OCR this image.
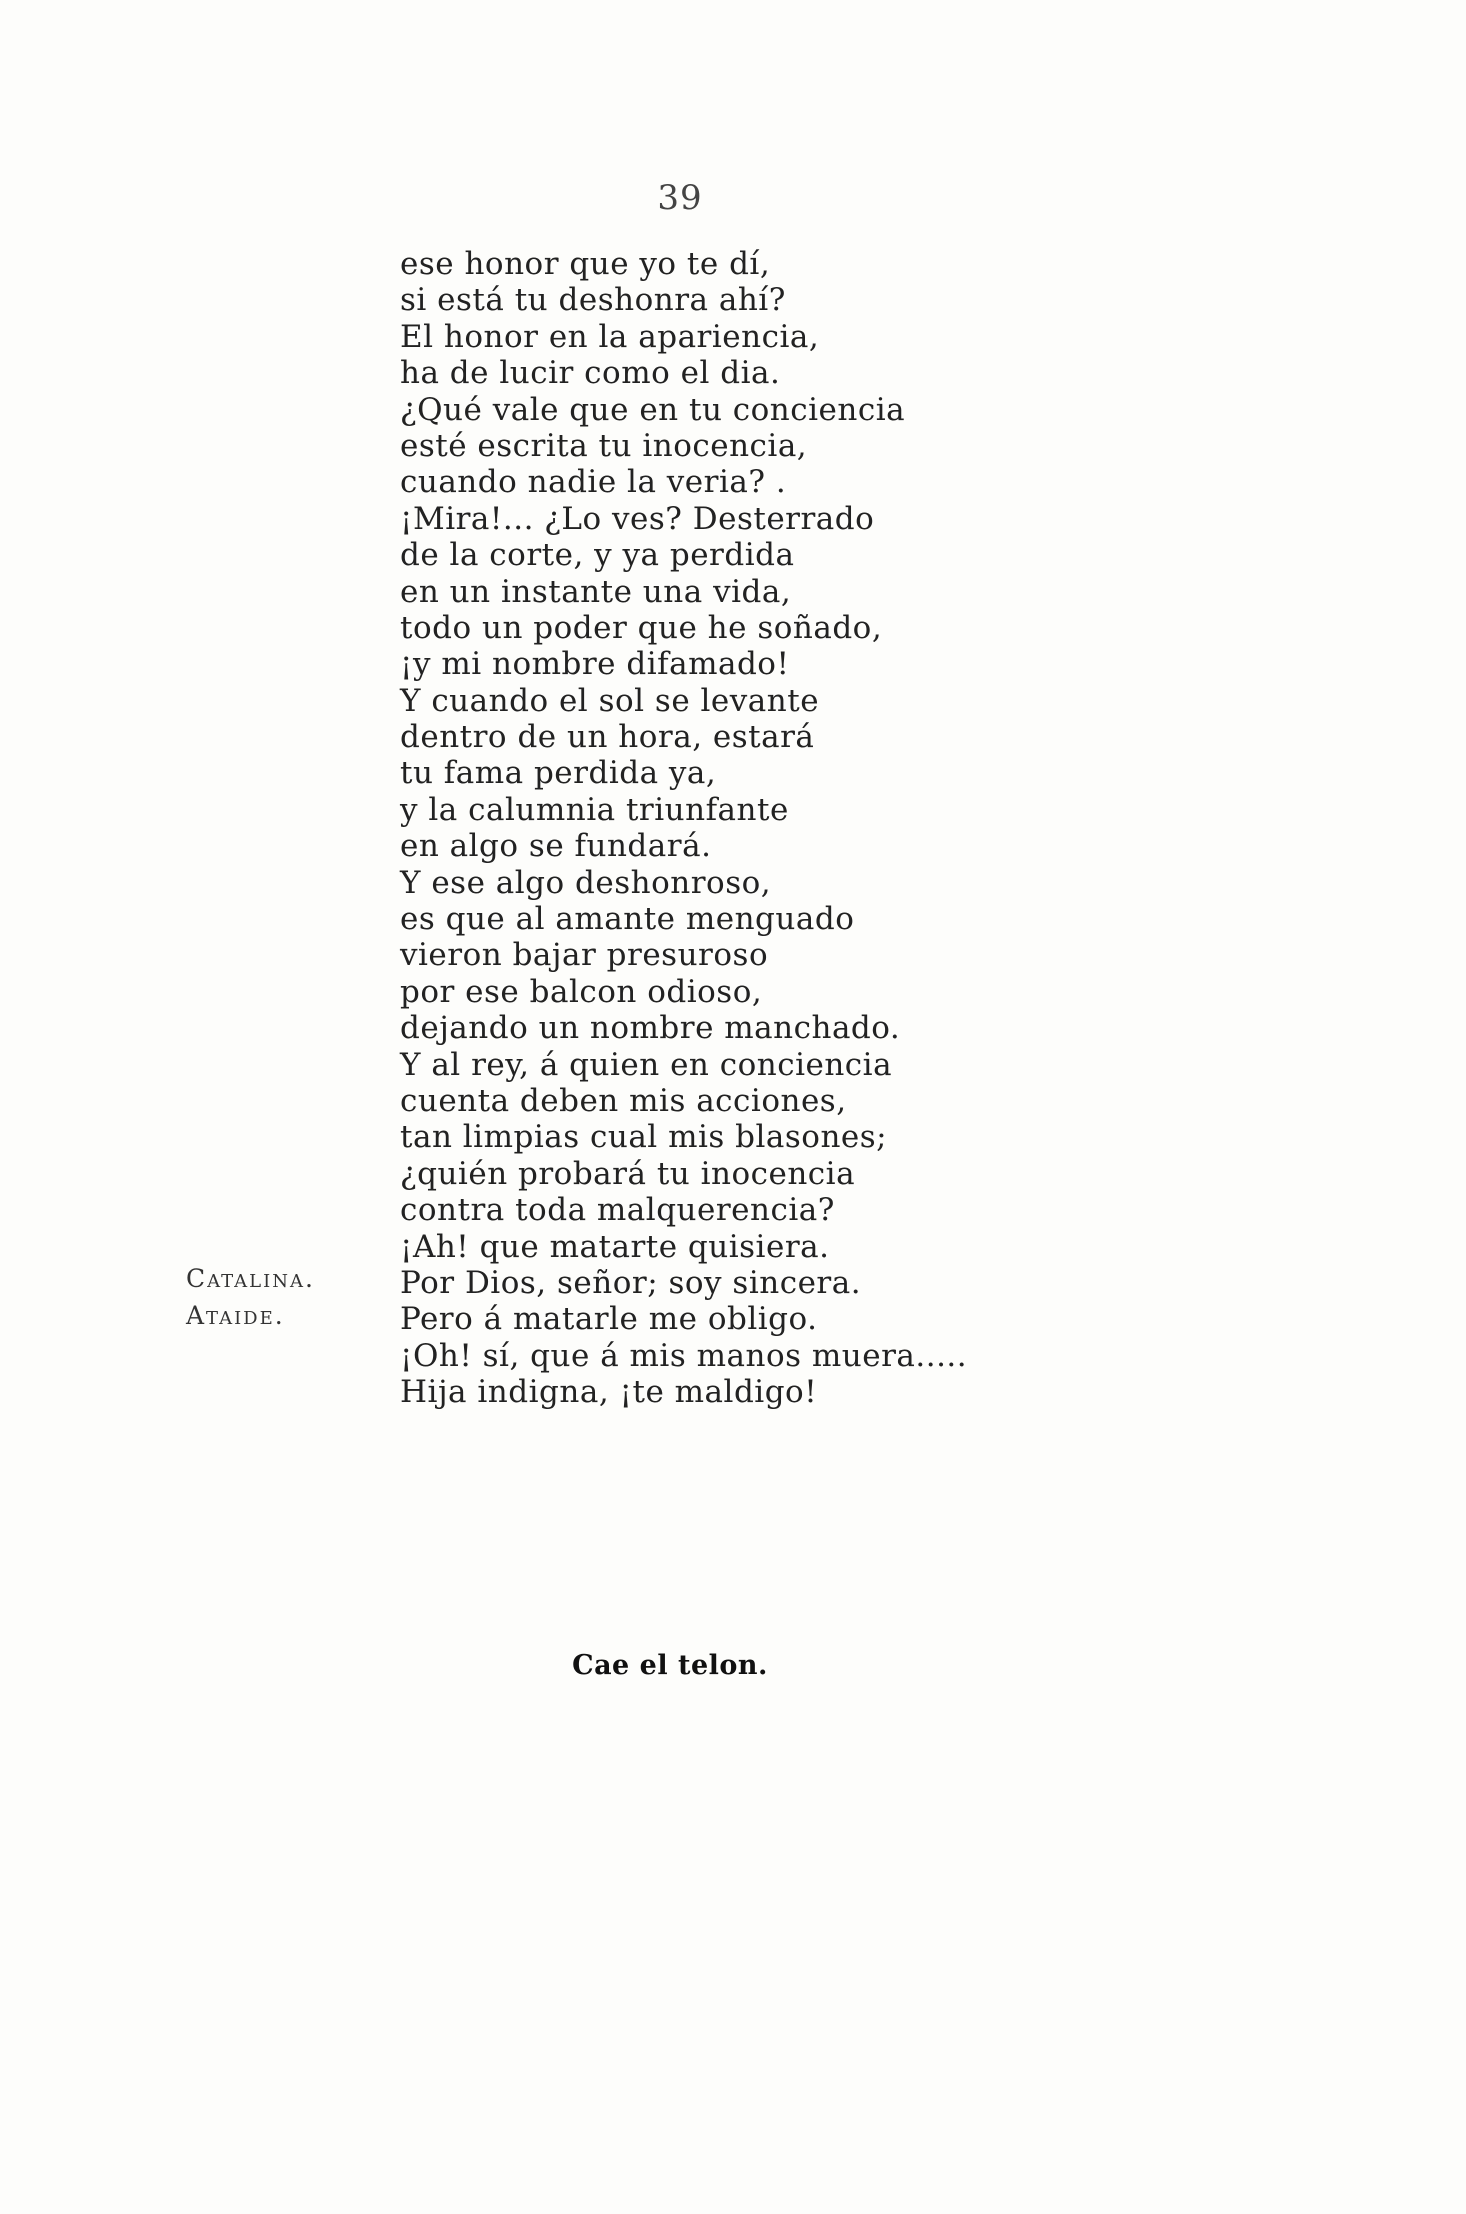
39
ese honor que yo te dí,
si está tu deshonra ahí?
El honor en la apariencia,
ha de lucir como el dia.
¿Qué vale que en tu conciencia
esté escrita tu inocencia,
cuando nadie la veria? .
¡Mira!... ¿Lo ves? Desterrado
de la corte, y ya perdida
en un instante una vida,
todo un poder que he soñado,
¡y mi nombre difamado!
Y cuando el sol se levante
dentro de un hora, estará
tu fama perdida ya,
y la calumnia triunfante
en algo se fundará.
Y ese algo deshonroso,
es que al amante menguado
vieron bajar presuroso
por ese balcon odioso,
dejando un nombre manchado.
Y al rey, á quien en conciencia
cuenta deben mis acciones,
tan limpias cual mis blasones;
¿quién probará tu inocencia
contra toda malquerencia?
¡Ah! que matarte quisiera.
Por Dios, señor; soy sincera.
Pero á matarle me obligo.
¡Oh! sí, que á mis manos muera.....
Hija indigna, ¡te maldigo!
Catalina.
Ataide.
Cae el telon.
